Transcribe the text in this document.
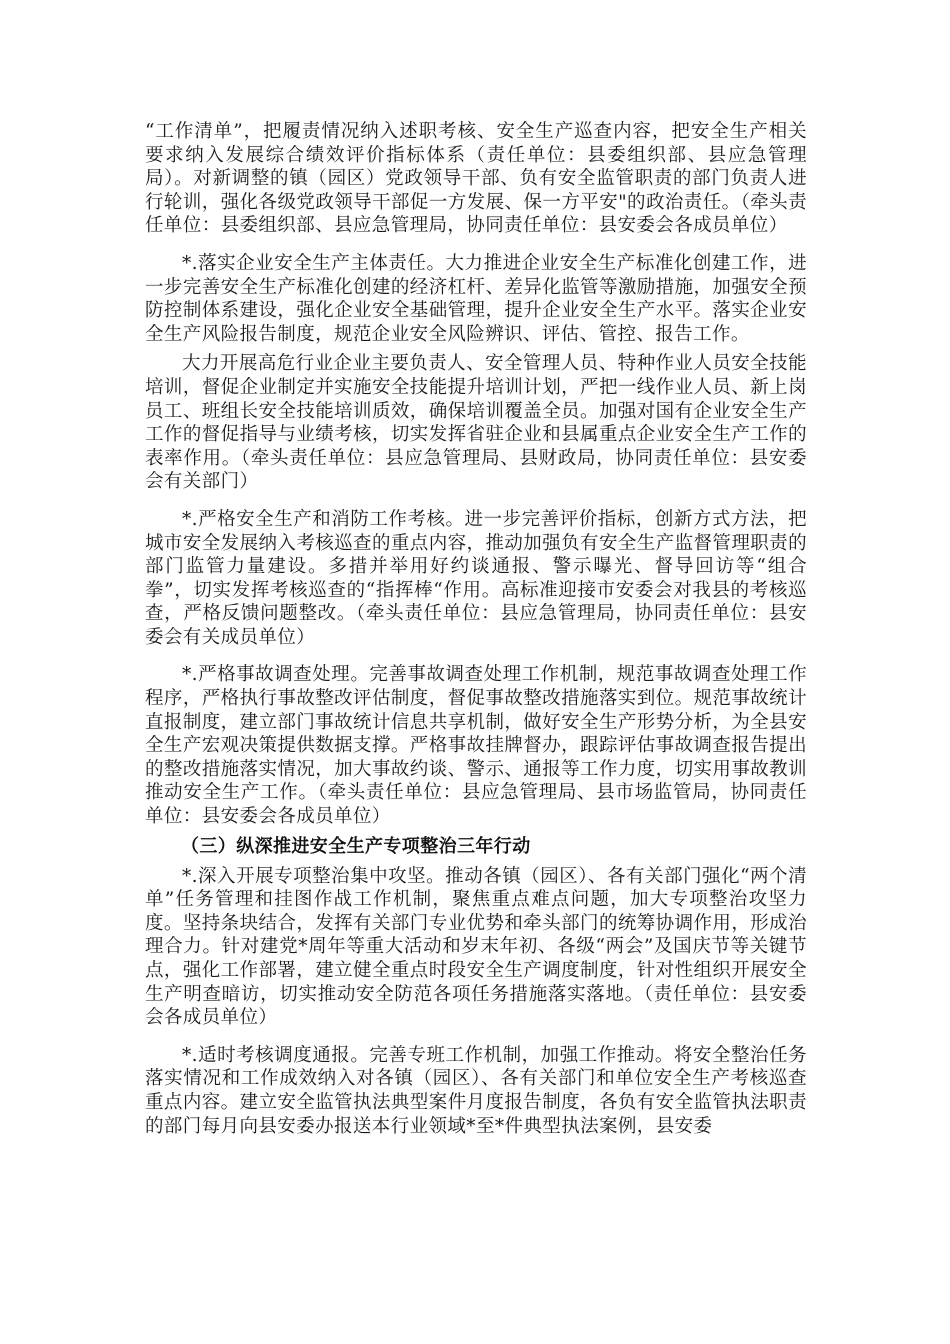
“工作清单”，把履责情况纳入述职考核、安全生产巡查内容，把安全生产相关要求纳入发展综合绩效评价指标体系（责任单位：县委组织部、县应急管理局）。对新调整的镇（园区）党政领导干部、负有安全监管职责的部门负责人进行轮训，强化各级党政领导干部促一方发展、保一方平安"的政治责任。（牵头责任单位：县委组织部、县应急管理局，协同责任单位：县安委会各成员单位）

*.落实企业安全生产主体责任。大力推进企业安全生产标准化创建工作，进一步完善安全生产标准化创建的经济杠杆、差异化监管等激励措施，加强安全预防控制体系建设，强化企业安全基础管理，提升企业安全生产水平。落实企业安全生产风险报告制度，规范企业安全风险辨识、评估、管控、报告工作。

大力开展高危行业企业主要负责人、安全管理人员、特种作业人员安全技能培训，督促企业制定并实施安全技能提升培训计划，严把一线作业人员、新上岗员工、班组长安全技能培训质效，确保培训覆盖全员。加强对国有企业安全生产工作的督促指导与业绩考核，切实发挥省驻企业和县属重点企业安全生产工作的表率作用。（牵头责任单位：县应急管理局、县财政局，协同责任单位：县安委会有关部门）

*.严格安全生产和消防工作考核。进一步完善评价指标，创新方式方法，把城市安全发展纳入考核巡查的重点内容，推动加强负有安全生产监督管理职责的部门监管力量建设。多措并举用好约谈通报、警示曝光、督导回访等“组合拳”，切实发挥考核巡查的“指挥棒“作用。高标准迎接市安委会对我县的考核巡查，严格反馈问题整改。（牵头责任单位：县应急管理局，协同责任单位：县安委会有关成员单位）

*.严格事故调查处理。完善事故调查处理工作机制，规范事故调查处理工作程序，严格执行事故整改评估制度，督促事故整改措施落实到位。规范事故统计直报制度，建立部门事故统计信息共享机制，做好安全生产形势分析，为全县安全生产宏观决策提供数据支撑。严格事故挂牌督办，跟踪评估事故调查报告提出的整改措施落实情况，加大事故约谈、警示、通报等工作力度，切实用事故教训推动安全生产工作。（牵头责任单位：县应急管理局、县市场监管局，协同责任单位：县安委会各成员单位）

（三）纵深推进安全生产专项整治三年行动

*.深入开展专项整治集中攻坚。推动各镇（园区）、各有关部门强化“两个清单”任务管理和挂图作战工作机制，聚焦重点难点问题，加大专项整治攻坚力度。坚持条块结合，发挥有关部门专业优势和牵头部门的统筹协调作用，形成治理合力。针对建党*周年等重大活动和岁末年初、各级“两会”及国庆节等关键节点，强化工作部署，建立健全重点时段安全生产调度制度，针对性组织开展安全生产明查暗访，切实推动安全防范各项任务措施落实落地。（责任单位：县安委会各成员单位）

*.适时考核调度通报。完善专班工作机制，加强工作推动。将安全整治任务落实情况和工作成效纳入对各镇（园区）、各有关部门和单位安全生产考核巡查重点内容。建立安全监管执法典型案件月度报告制度，各负有安全监管执法职责的部门每月向县安委办报送本行业领域*至*件典型执法案例，县安委
